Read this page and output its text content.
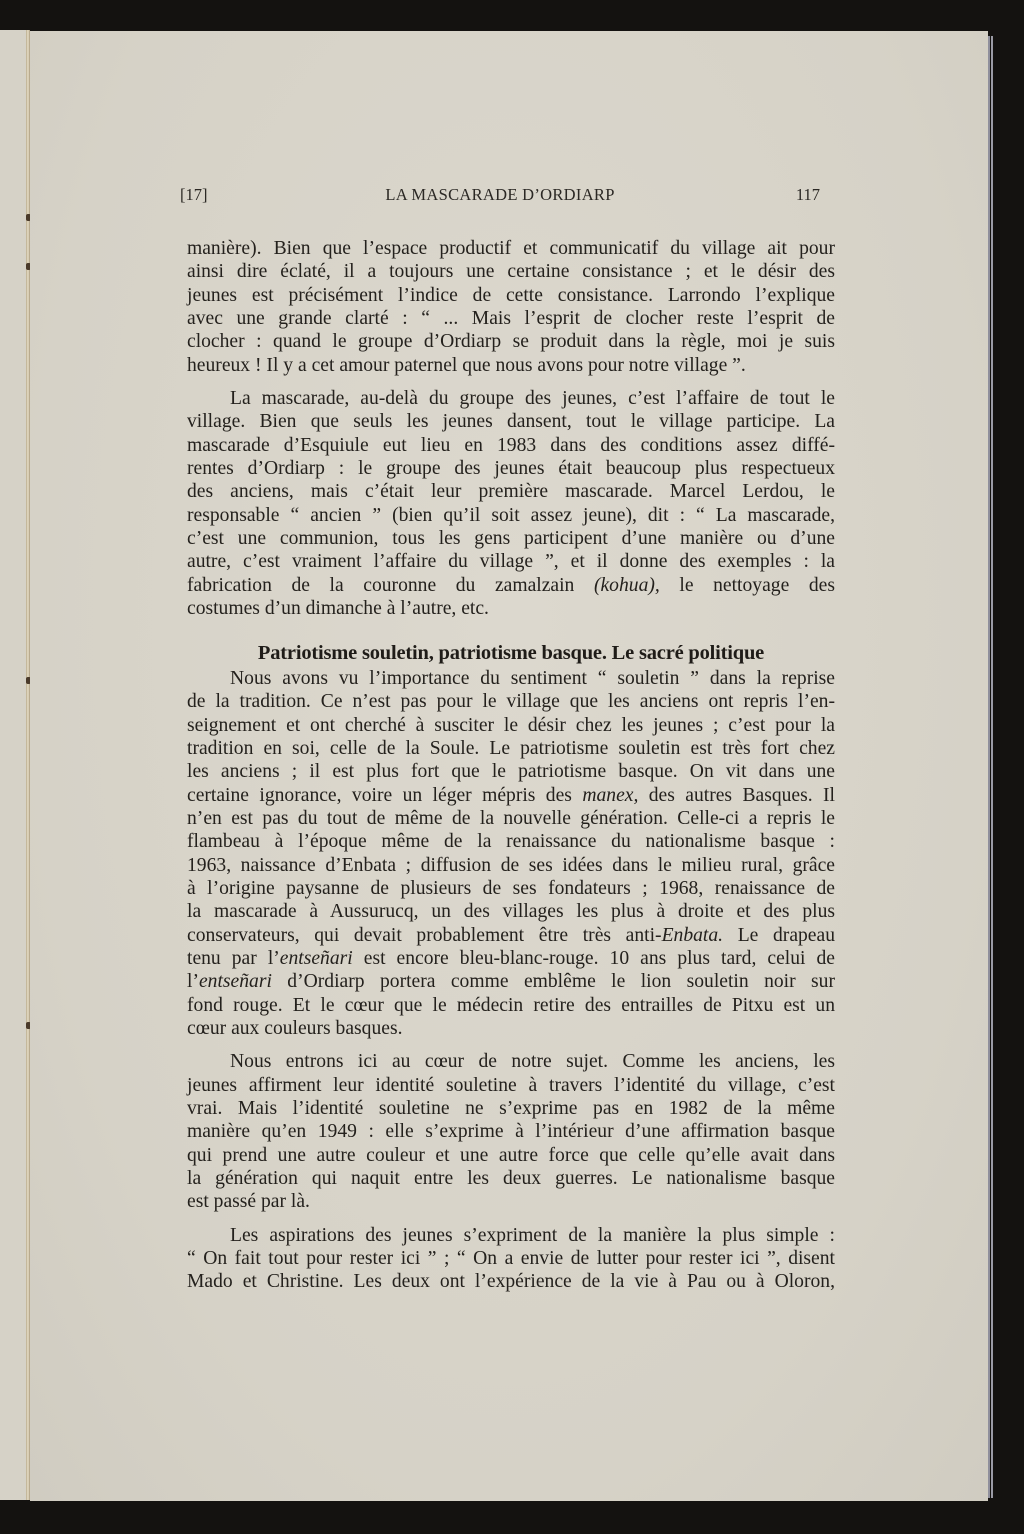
[17]	LA MASCARADE D’ORDIARP	117
manière). Bien que l’espace productif et communicatif du village ait pour
ainsi dire éclaté, il a toujours une certaine consistance ; et le désir des
jeunes est précisément l’indice de cette consistance. Larrondo l’explique
avec une grande clarté : “ ... Mais l’esprit de clocher reste l’esprit de
clocher : quand le groupe d’Ordiarp se produit dans la règle, moi je suis
heureux ! Il y a cet amour paternel que nous avons pour notre village ”.
La mascarade, au-delà du groupe des jeunes, c’est l’affaire de tout le
village. Bien que seuls les jeunes dansent, tout le village participe. La
mascarade d’Esquiule eut lieu en 1983 dans des conditions assez diffé-
rentes d’Ordiarp : le groupe des jeunes était beaucoup plus respectueux
des anciens, mais c’était leur première mascarade. Marcel Lerdou, le
responsable “ ancien ” (bien qu’il soit assez jeune), dit : “ La mascarade,
c’est une communion, tous les gens participent d’une manière ou d’une
autre, c’est vraiment l’affaire du village ”, et il donne des exemples : la
fabrication de la couronne du zamalzain (kohua), le nettoyage des
costumes d’un dimanche à l’autre, etc.
Patriotisme souletin, patriotisme basque. Le sacré politique
Nous avons vu l’importance du sentiment “ souletin ” dans la reprise
de la tradition. Ce n’est pas pour le village que les anciens ont repris l’en-
seignement et ont cherché à susciter le désir chez les jeunes ; c’est pour la
tradition en soi, celle de la Soule. Le patriotisme souletin est très fort chez
les anciens ; il est plus fort que le patriotisme basque. On vit dans une
certaine ignorance, voire un léger mépris des manex, des autres Basques. Il
n’en est pas du tout de même de la nouvelle génération. Celle-ci a repris le
flambeau à l’époque même de la renaissance du nationalisme basque :
1963, naissance d’Enbata ; diffusion de ses idées dans le milieu rural, grâce
à l’origine paysanne de plusieurs de ses fondateurs ; 1968, renaissance de
la mascarade à Aussurucq, un des villages les plus à droite et des plus
conservateurs, qui devait probablement être très anti-Enbata. Le drapeau
tenu par l’entseñari est encore bleu-blanc-rouge. 10 ans plus tard, celui de
l’entseñari d’Ordiarp portera comme emblême le lion souletin noir sur
fond rouge. Et le cœur que le médecin retire des entrailles de Pitxu est un
cœur aux couleurs basques.
Nous entrons ici au cœur de notre sujet. Comme les anciens, les
jeunes affirment leur identité souletine à travers l’identité du village, c’est
vrai. Mais l’identité souletine ne s’exprime pas en 1982 de la même
manière qu’en 1949 : elle s’exprime à l’intérieur d’une affirmation basque
qui prend une autre couleur et une autre force que celle qu’elle avait dans
la génération qui naquit entre les deux guerres. Le nationalisme basque
est passé par là.
Les aspirations des jeunes s’expriment de la manière la plus simple :
“ On fait tout pour rester ici ” ; “ On a envie de lutter pour rester ici ”, disent
Mado et Christine. Les deux ont l’expérience de la vie à Pau ou à Oloron,
